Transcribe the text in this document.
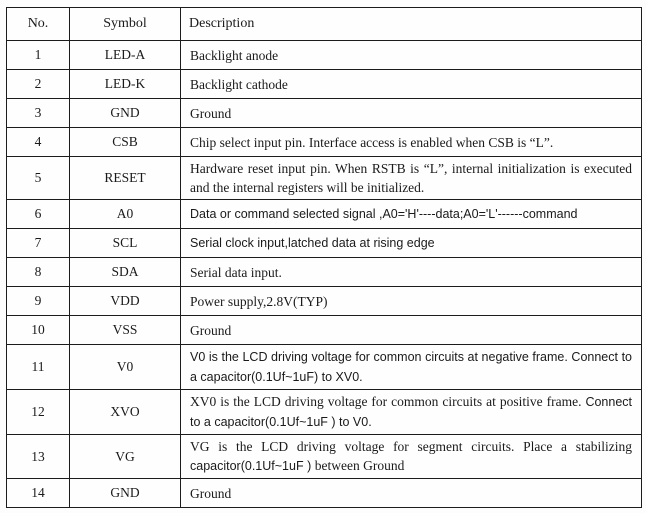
No.	Symbol	Description
1	LED-A	Backlight anode
2	LED-K	Backlight cathode
3	GND	Ground
4	CSB	Chip select input pin. Interface access is enabled when CSB is “L”.
5	RESET	Hardware reset input pin. When RSTB is “L”, internal initialization is executed and the internal registers will be initialized.
6	A0	Data or command selected signal ,A0='H'----data;A0='L'------command
7	SCL	Serial clock input,latched data at rising edge
8	SDA	Serial data input.
9	VDD	Power supply,2.8V(TYP)
10	VSS	Ground
11	V0	V0 is the LCD driving voltage for common circuits at negative frame. Connect to a capacitor(0.1Uf~1uF) to XV0.
12	XVO	XV0 is the LCD driving voltage for common circuits at positive frame. Connect to a capacitor(0.1Uf~1uF ) to V0.
13	VG	VG is the LCD driving voltage for segment circuits. Place a stabilizing capacitor(0.1Uf~1uF ) between Ground
14	GND	Ground
